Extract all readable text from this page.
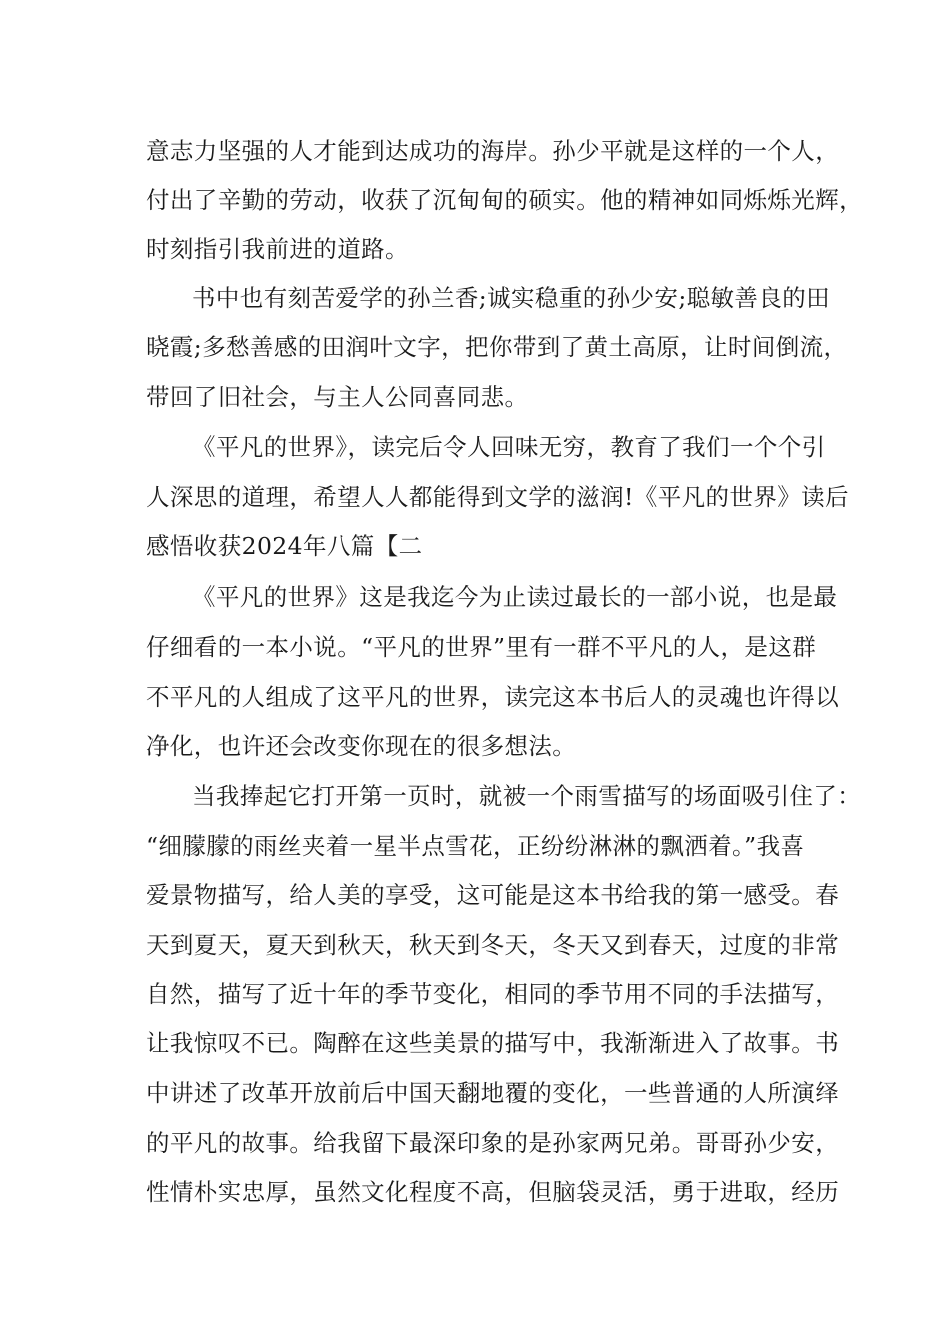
意志力坚强的人才能到达成功的海岸。孙少平就是这样的一个人，
付出了辛勤的劳动，收获了沉甸甸的硕实。他的精神如同烁烁光辉，
时刻指引我前进的道路。
书中也有刻苦爱学的孙兰香;诚实稳重的孙少安;聪敏善良的田
晓霞;多愁善感的田润叶文字，把你带到了黄土高原，让时间倒流，
带回了旧社会，与主人公同喜同悲。
《平凡的世界》，读完后令人回味无穷，教育了我们一个个引
人深思的道理，希望人人都能得到文学的滋润!《平凡的世界》读后
感悟收获2024年八篇【二
《平凡的世界》这是我迄今为止读过最长的一部小说，也是最
仔细看的一本小说。“平凡的世界”里有一群不平凡的人，是这群
不平凡的人组成了这平凡的世界，读完这本书后人的灵魂也许得以
净化，也许还会改变你现在的很多想法。
当我捧起它打开第一页时，就被一个雨雪描写的场面吸引住了：
“细朦朦的雨丝夹着一星半点雪花，正纷纷淋淋的飘洒着。”我喜
爱景物描写，给人美的享受，这可能是这本书给我的第一感受。春
天到夏天，夏天到秋天，秋天到冬天，冬天又到春天，过度的非常
自然，描写了近十年的季节变化，相同的季节用不同的手法描写，
让我惊叹不已。陶醉在这些美景的描写中，我渐渐进入了故事。书
中讲述了改革开放前后中国天翻地覆的变化，一些普通的人所演绎
的平凡的故事。给我留下最深印象的是孙家两兄弟。哥哥孙少安，
性情朴实忠厚，虽然文化程度不高，但脑袋灵活，勇于进取，经历
